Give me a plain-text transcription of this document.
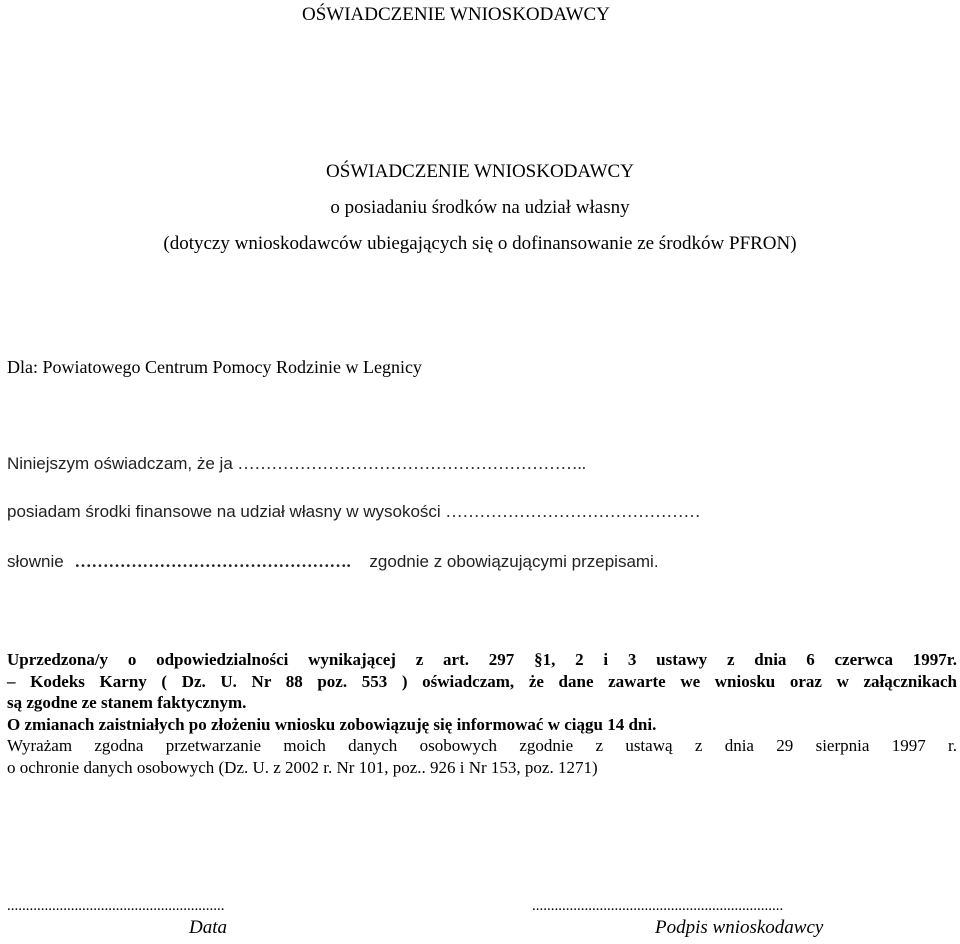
OŚWIADCZENIE WNIOSKODAWCY
OŚWIADCZENIE WNIOSKODAWCY
o posiadaniu środków na udział własny
(dotyczy wnioskodawców ubiegających się o dofinansowanie ze środków PFRON)
Dla: Powiatowego Centrum Pomocy Rodzinie w Legnicy
Niniejszym oświadczam, że ja ……………………………………………………..
posiadam środki finansowe na udział własny w wysokości ………………………………………
słownie …………………………………………. zgodnie z obowiązującymi przepisami.
Uprzedzona/y o odpowiedzialności wynikającej z art. 297 §1, 2 i 3 ustawy z dnia 6 czerwca 1997r.
– Kodeks Karny ( Dz. U. Nr 88 poz. 553 ) oświadczam, że dane zawarte we wniosku oraz w załącznikach
są zgodne ze stanem faktycznym.
O zmianach zaistniałych po złożeniu wniosku zobowiązuję się informować w ciągu 14 dni.
Wyrażam zgodna przetwarzanie moich danych osobowych zgodnie z ustawą z dnia 29 sierpnia 1997 r.
o ochronie danych osobowych (Dz. U. z 2002 r. Nr 101, poz.. 926 i Nr 153, poz. 1271)
..........................................................
Data
...................................................................
Podpis wnioskodawcy
